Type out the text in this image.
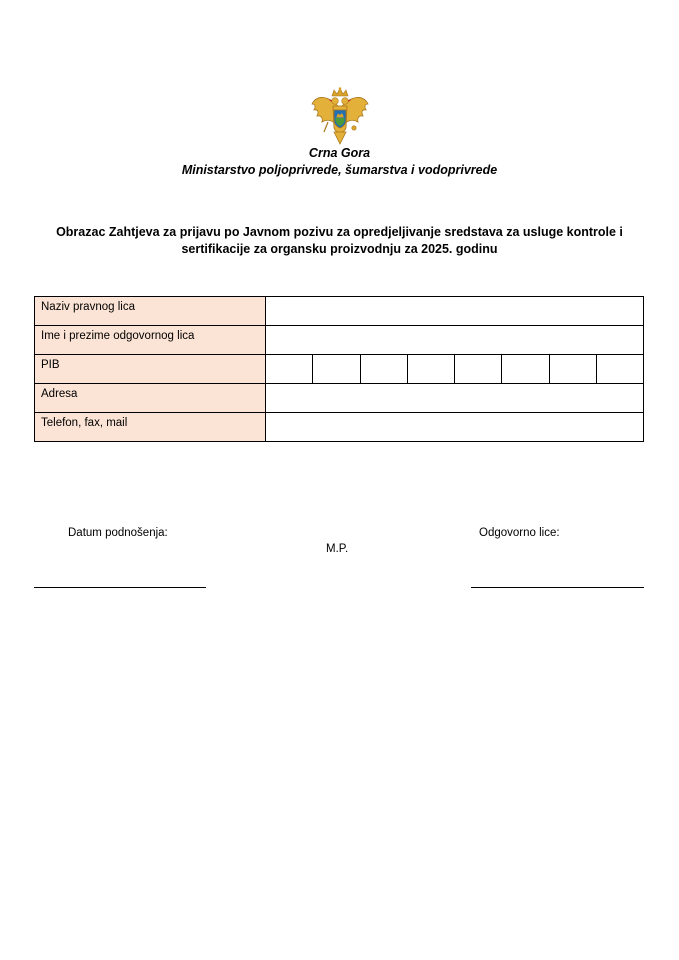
Crna Gora
Ministarstvo poljoprivrede, šumarstva i vodoprivrede
Obrazac Zahtjeva za prijavu po Javnom pozivu za opredjeljivanje sredstava za usluge kontrole i sertifikacije za organsku proizvodnju za 2025. godinu
Naziv pravnog lica	
Ime i prezime odgovornog lica	
PIB	

Adresa	
Telefon, fax, mail	
Datum podnošenja:
M.P.
Odgovorno lice:
